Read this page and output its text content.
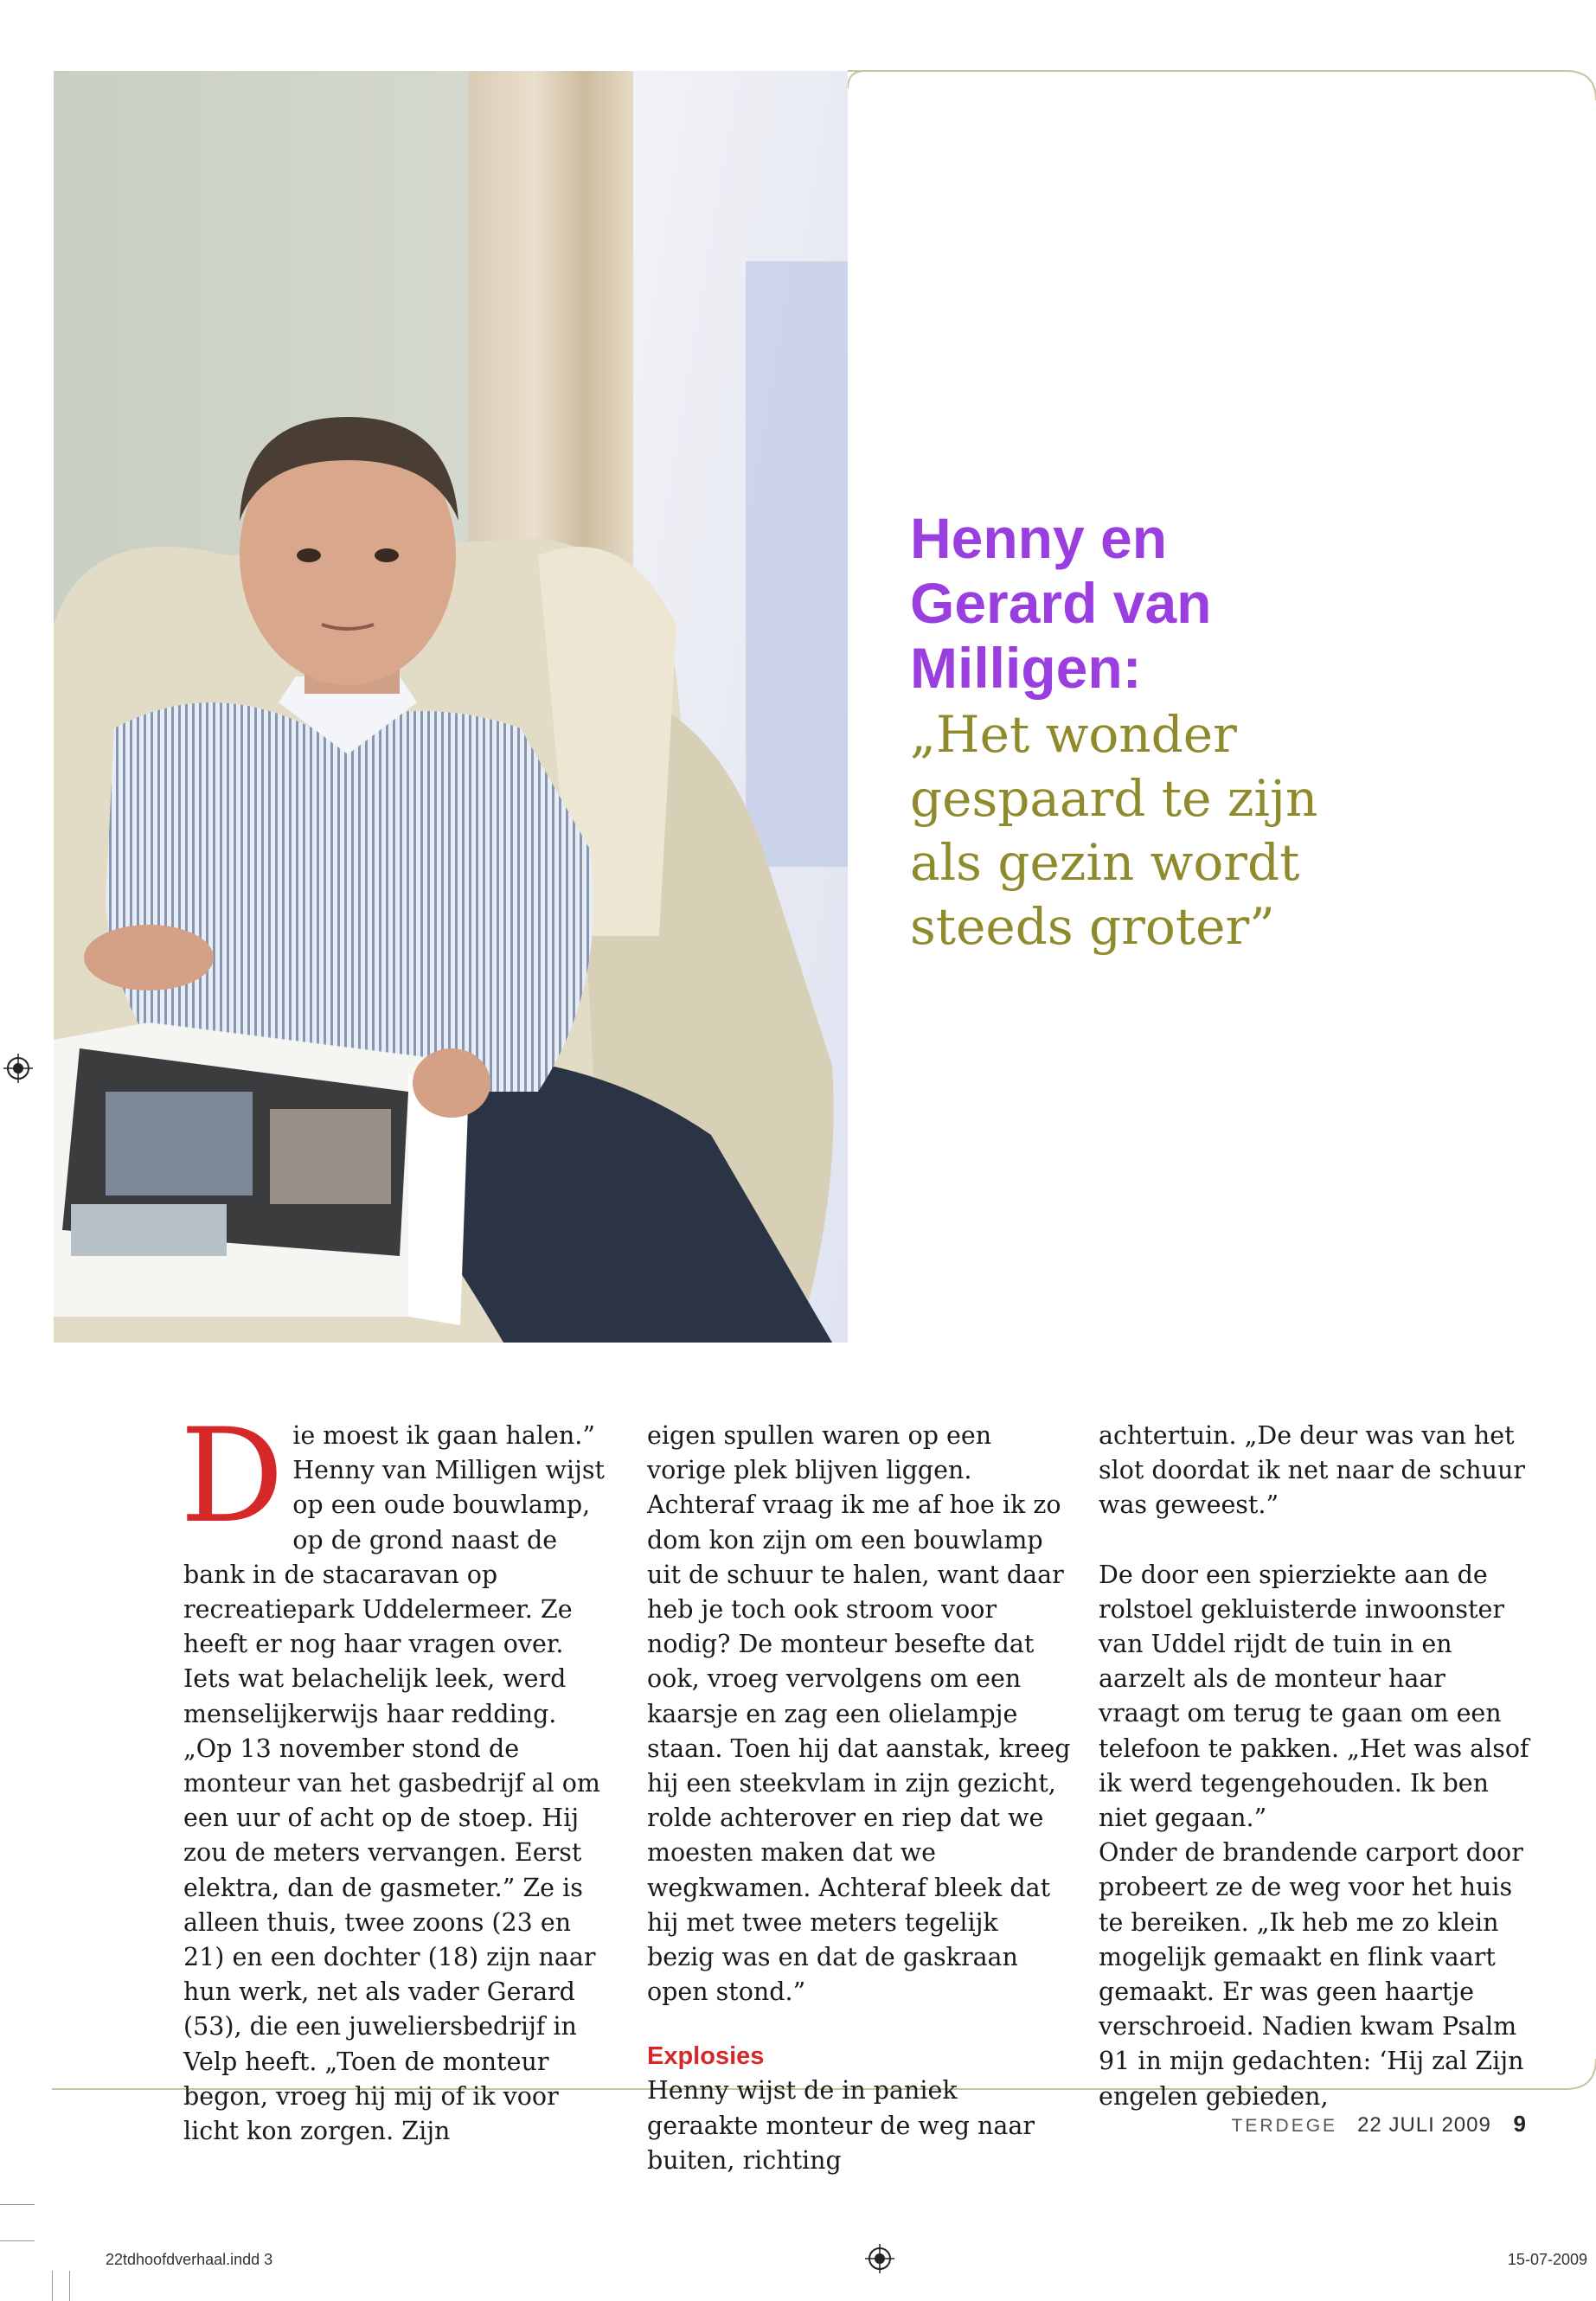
Henny en
Gerard van
Milligen:

„Het wonder
gespaard te zijn
als gezin wordt
steeds groter”

D ie moest ik gaan halen.” Henny van Milligen wijst op een oude bouwlamp, op de grond naast de bank in de stacaravan op recreatiepark Uddelermeer. Ze heeft er nog haar vragen over. Iets wat belachelijk leek, werd menselijkerwijs haar redding. „Op 13 november stond de monteur van het gasbedrijf al om een uur of acht op de stoep. Hij zou de meters vervangen. Eerst elektra, dan de gasmeter.” Ze is alleen thuis, twee zoons (23 en 21) en een dochter (18) zijn naar hun werk, net als vader Gerard (53), die een juweliersbedrijf in Velp heeft. „Toen de monteur begon, vroeg hij mij of ik voor licht kon zorgen. Zijn

eigen spullen waren op een vorige plek blijven liggen. Achteraf vraag ik me af hoe ik zo dom kon zijn om een bouwlamp uit de schuur te halen, want daar heb je toch ook stroom voor nodig? De monteur besefte dat ook, vroeg vervolgens om een kaarsje en zag een olielampje staan. Toen hij dat aanstak, kreeg hij een steekvlam in zijn gezicht, rolde achterover en riep dat we moesten maken dat we wegkwamen. Achteraf bleek dat hij met twee meters tegelijk bezig was en dat de gaskraan open stond.”

Explosies

Henny wijst de in paniek geraakte monteur de weg naar buiten, richting

achtertuin. „De deur was van het slot doordat ik net naar de schuur was geweest.”

De door een spierziekte aan de rolstoel gekluisterde inwoonster van Uddel rijdt de tuin in en aarzelt als de monteur haar vraagt om terug te gaan om een telefoon te pakken. „Het was alsof ik werd tegengehouden. Ik ben niet gegaan.”

Onder de brandende carport door probeert ze de weg voor het huis te bereiken. „Ik heb me zo klein mogelijk gemaakt en flink vaart gemaakt. Er was geen haartje verschroeid. Nadien kwam Psalm 91 in mijn gedachten: ‘Hij zal Zijn engelen gebieden,

TERDEGE 22 JULI 2009 9
22tdhoofdverhaal.indd 3	15-07-2009
